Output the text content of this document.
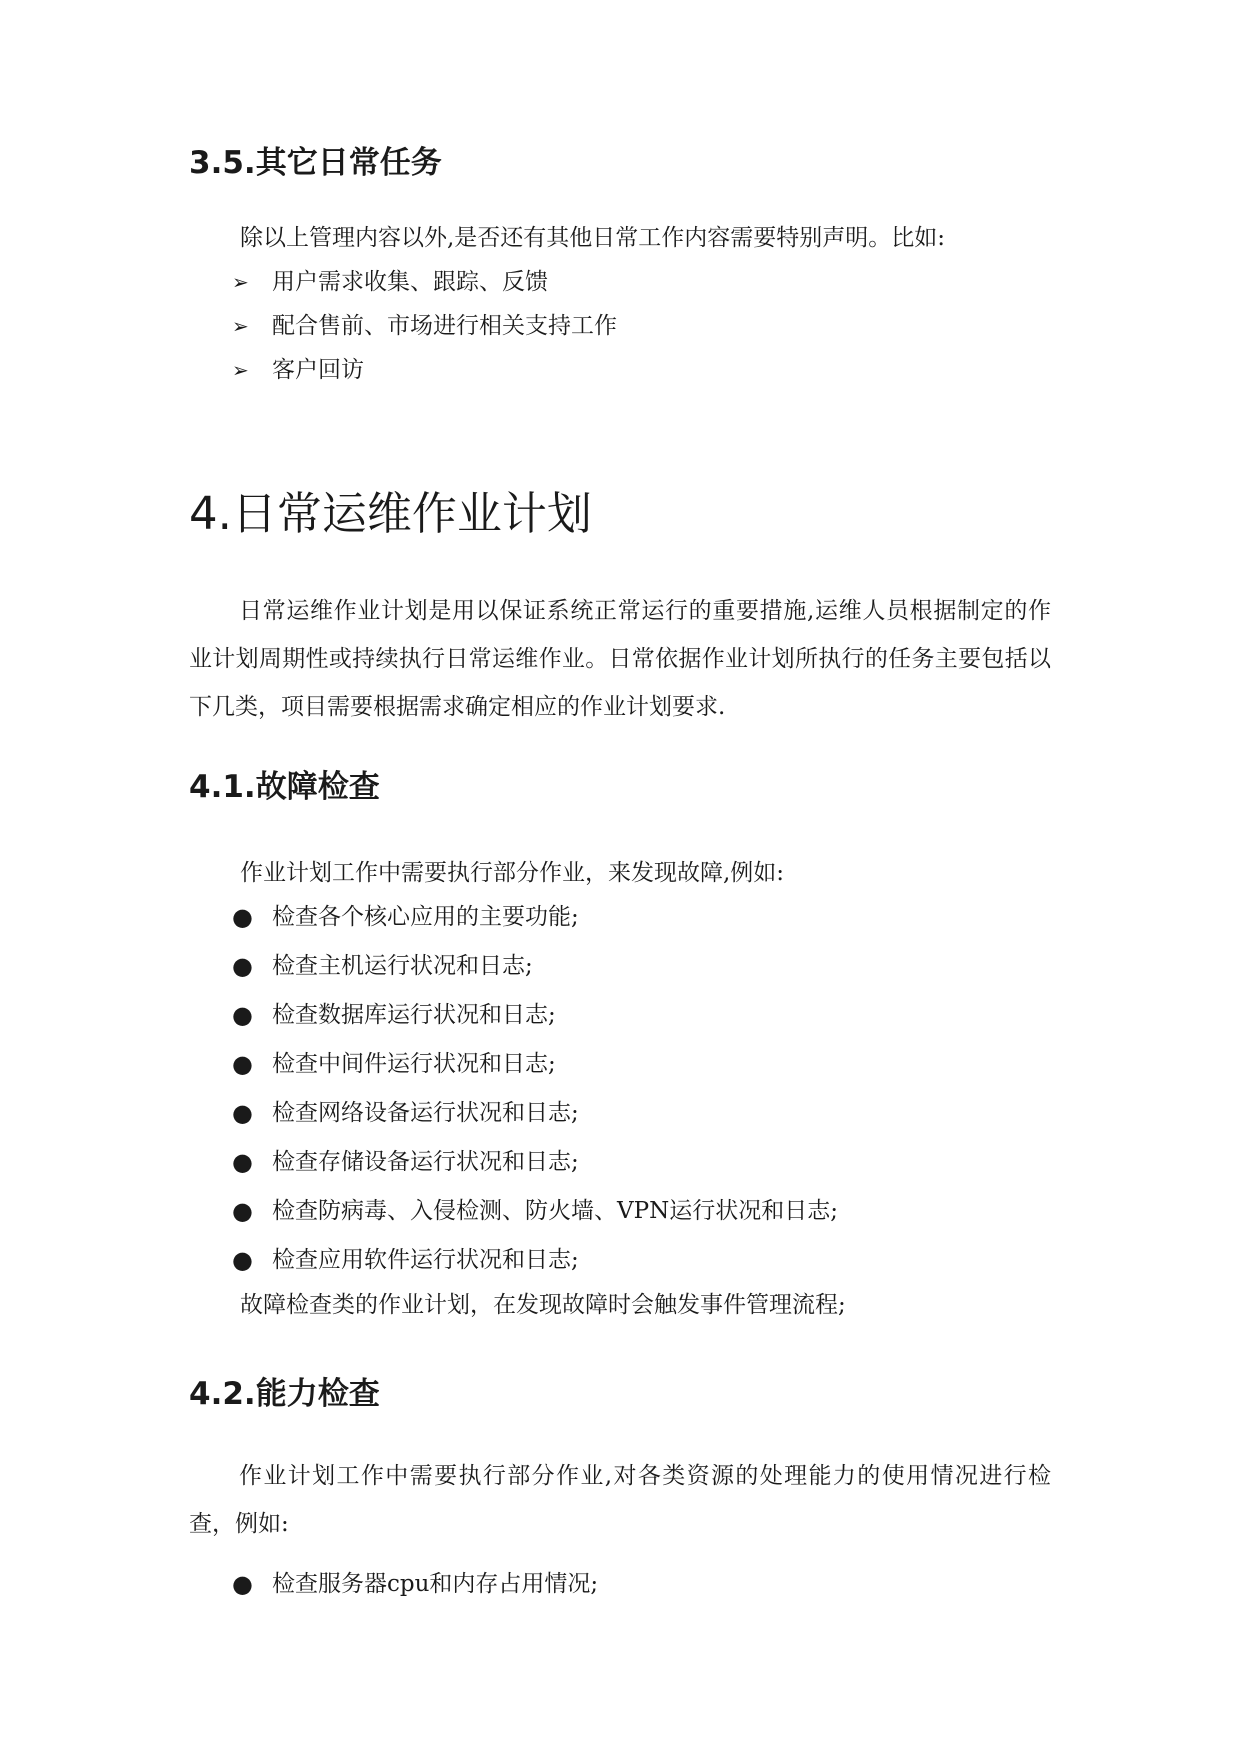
3.5.其它日常任务
除以上管理内容以外,是否还有其他日常工作内容需要特别声明。比如:
➢	用户需求收集、跟踪、反馈
➢	配合售前、市场进行相关支持工作
➢	客户回访
4.日常运维作业计划
日常运维作业计划是用以保证系统正常运行的重要措施,运维人员根据制定的作业计划周期性或持续执行日常运维作业。日常依据作业计划所执行的任务主要包括以下几类，项目需要根据需求确定相应的作业计划要求.
4.1.故障检查
作业计划工作中需要执行部分作业，来发现故障,例如:
● 检查各个核心应用的主要功能;
● 检查主机运行状况和日志;
● 检查数据库运行状况和日志;
● 检查中间件运行状况和日志;
● 检查网络设备运行状况和日志;
● 检查存储设备运行状况和日志;
● 检查防病毒、入侵检测、防火墙、VPN运行状况和日志;
● 检查应用软件运行状况和日志;
故障检查类的作业计划，在发现故障时会触发事件管理流程;
4.2.能力检查
作业计划工作中需要执行部分作业,对各类资源的处理能力的使用情况进行检查，例如:
● 检查服务器cpu和内存占用情况;
